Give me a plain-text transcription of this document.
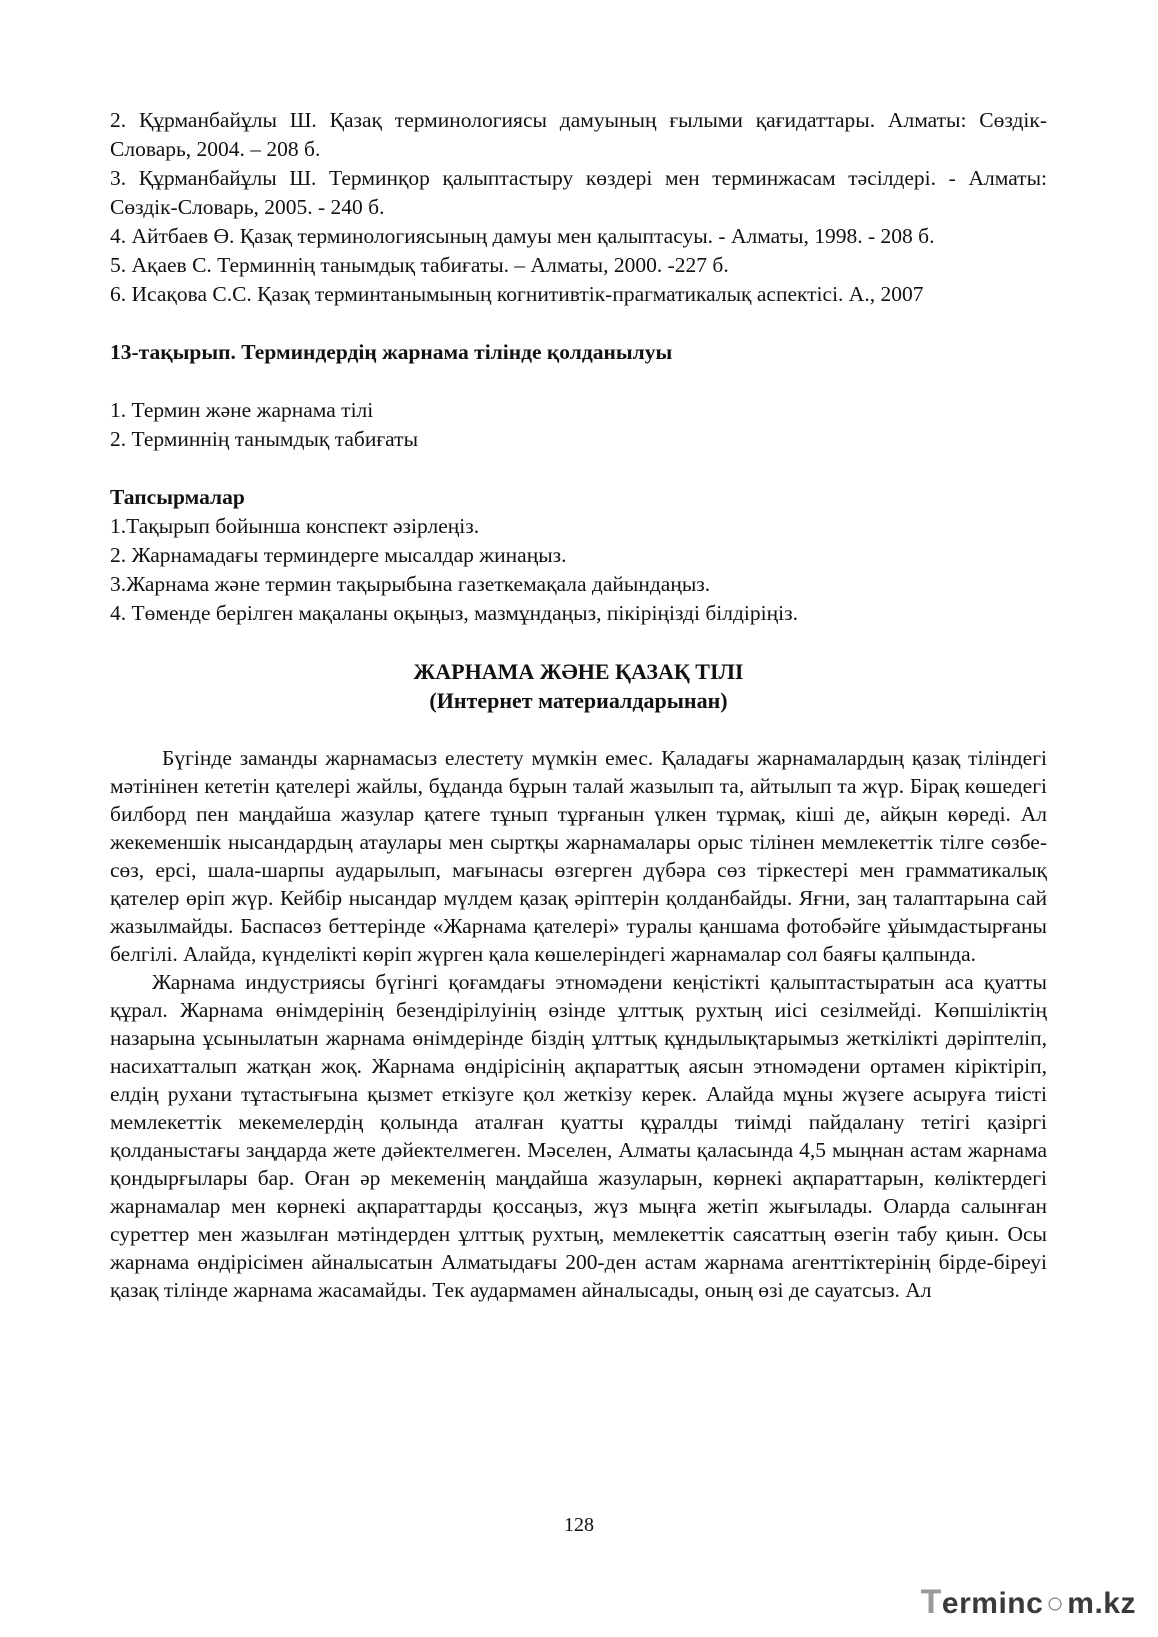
2. Құрманбайұлы Ш. Қазақ терминологиясы дамуының ғылыми қағидаттары. Алматы: Сөздік-Словарь, 2004. – 208 б.

3. Құрманбайұлы Ш. Терминқор қалыптастыру көздері мен терминжасам тәсілдері. - Алматы: Сөздік-Словарь, 2005. - 240 б.

4. Айтбаев Ө. Қазақ терминологиясының дамуы мен қалыптасуы. - Алматы, 1998. - 208 б.

5. Ақаев С. Терминнің танымдық табиғаты. – Алматы, 2000. -227 б.

6. Исақова С.С. Қазақ терминтанымының когнитивтік-прагматикалық аспектісі. А., 2007

13-тақырып. Терминдердің жарнама тілінде қолданылуы

1. Термин және жарнама тілі

2. Терминнің танымдық табиғаты

Тапсырмалар

1.Тақырып бойынша конспект әзірлеңіз.

2. Жарнамадағы терминдерге мысалдар жинаңыз.

3.Жарнама және термин тақырыбына газеткемақала дайындаңыз.

4. Төменде берілген мақаланы оқыңыз, мазмұндаңыз, пікіріңізді білдіріңіз.

ЖАРНАМА ЖӘНЕ ҚАЗАҚ ТІЛІ
(Интернет материалдарынан)

Бүгінде заманды жарнамасыз елестету мүмкін емес. Қаладағы жарнамалардың қазақ тіліндегі мәтінінен кететін қателері жайлы, бұданда бұрын талай жазылып та, айтылып та жүр. Бірақ көшедегі билборд пен маңдайша жазулар қатеге тұнып тұрғанын үлкен тұрмақ, кіші де, айқын көреді. Ал жекеменшік нысандардың атаулары мен сыртқы жарнамалары орыс тілінен мемлекеттік тілге сөзбе-сөз, ерсі, шала-шарпы аударылып, мағынасы өзгерген дүбәра сөз тіркестері мен грамматикалық қателер өріп жүр. Кейбір нысандар мүлдем қазақ әріптерін қолданбайды. Яғни, заң талаптарына сай жазылмайды. Баспасөз беттерінде «Жарнама қателері» туралы қаншама фотобәйге ұйымдастырғаны белгілі. Алайда, күнделікті көріп жүрген қала көшелеріндегі жарнамалар сол баяғы қалпында.

Жарнама индустриясы бүгінгі қоғамдағы этномәдени кеңістікті қалыптастыратын аса қуатты құрал. Жарнама өнімдерінің безендірілуінің өзінде ұлттық рухтың иісі сезілмейді. Көпшіліктің назарына ұсынылатын жарнама өнімдерінде біздің ұлттық құндылықтарымыз жеткілікті дәріптеліп, насихатталып жатқан жоқ. Жарнама өндірісінің ақпараттық аясын этномәдени ортамен кіріктіріп, елдің рухани тұтастығына қызмет еткізуге қол жеткізу керек. Алайда мұны жүзеге асыруға тиісті мемлекеттік мекемелердің қолында аталған қуатты құралды тиімді пайдалану тетігі қазіргі қолданыстағы заңдарда жете дәйектелмеген. Мәселен, Алматы қаласында 4,5 мыңнан астам жарнама қондырғылары бар. Оған әр мекеменің маңдайша жазуларын, көрнекі ақпараттарын, көліктердегі жарнамалар мен көрнекі ақпараттарды қоссаңыз, жүз мыңға жетіп жығылады. Оларда салынған суреттер мен жазылған мәтіндерден ұлттық рухтың, мемлекеттік саясаттың өзегін табу қиын. Осы жарнама өндірісімен айналысатын Алматыдағы 200-ден астам жарнама агенттіктерінің бірде-біреуі қазақ тілінде жарнама жасамайды. Тек аудармамен айналысады, оның өзі де сауатсыз. Ал

128
Terminc○m.kz
